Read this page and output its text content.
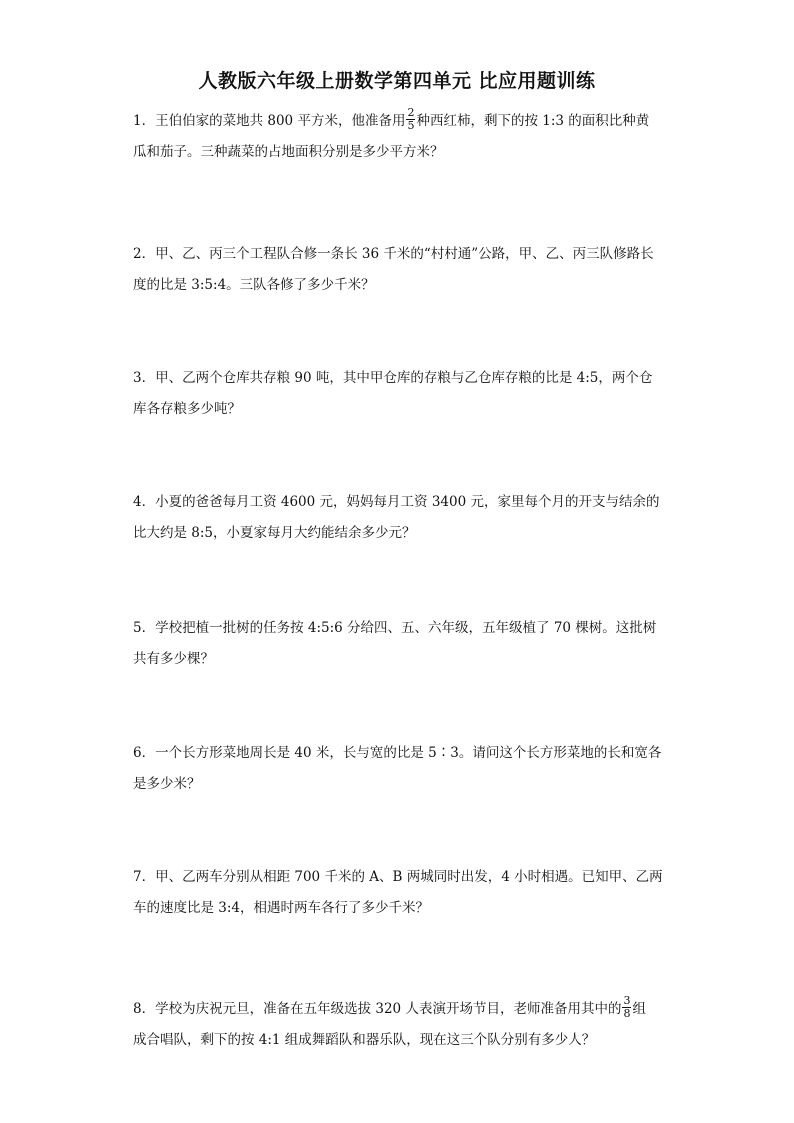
人教版六年级上册数学第四单元 比应用题训练
1．王伯伯家的菜地共 800 平方米，他准备用 $\frac{2}{5}$ 种西红柿，剩下的按 1:3 的面积比种黄
瓜和茄子。三种蔬菜的占地面积分别是多少平方米？
2．甲、乙、丙三个工程队合修一条长 36 千米的“村村通”公路，甲、乙、丙三队修路长
度的比是 3:5:4。三队各修了多少千米？
3．甲、乙两个仓库共存粮 90 吨，其中甲仓库的存粮与乙仓库存粮的比是 4:5，两个仓
库各存粮多少吨？
4．小夏的爸爸每月工资 4600 元，妈妈每月工资 3400 元，家里每个月的开支与结余的
比大约是 8:5，小夏家每月大约能结余多少元？
5．学校把植一批树的任务按 4:5:6 分给四、五、六年级，五年级植了 70 棵树。这批树
共有多少棵？
6．一个长方形菜地周长是 40 米，长与宽的比是 5∶3。请问这个长方形菜地的长和宽各
是多少米？
7．甲、乙两车分别从相距 700 千米的 A、B 两城同时出发，4 小时相遇。已知甲、乙两
车的速度比是 3:4，相遇时两车各行了多少千米？
8．学校为庆祝元旦，准备在五年级选拔 320 人表演开场节目，老师准备用其中的 $\frac{3}{8}$ 组
成合唱队，剩下的按 4:1 组成舞蹈队和器乐队，现在这三个队分别有多少人？
